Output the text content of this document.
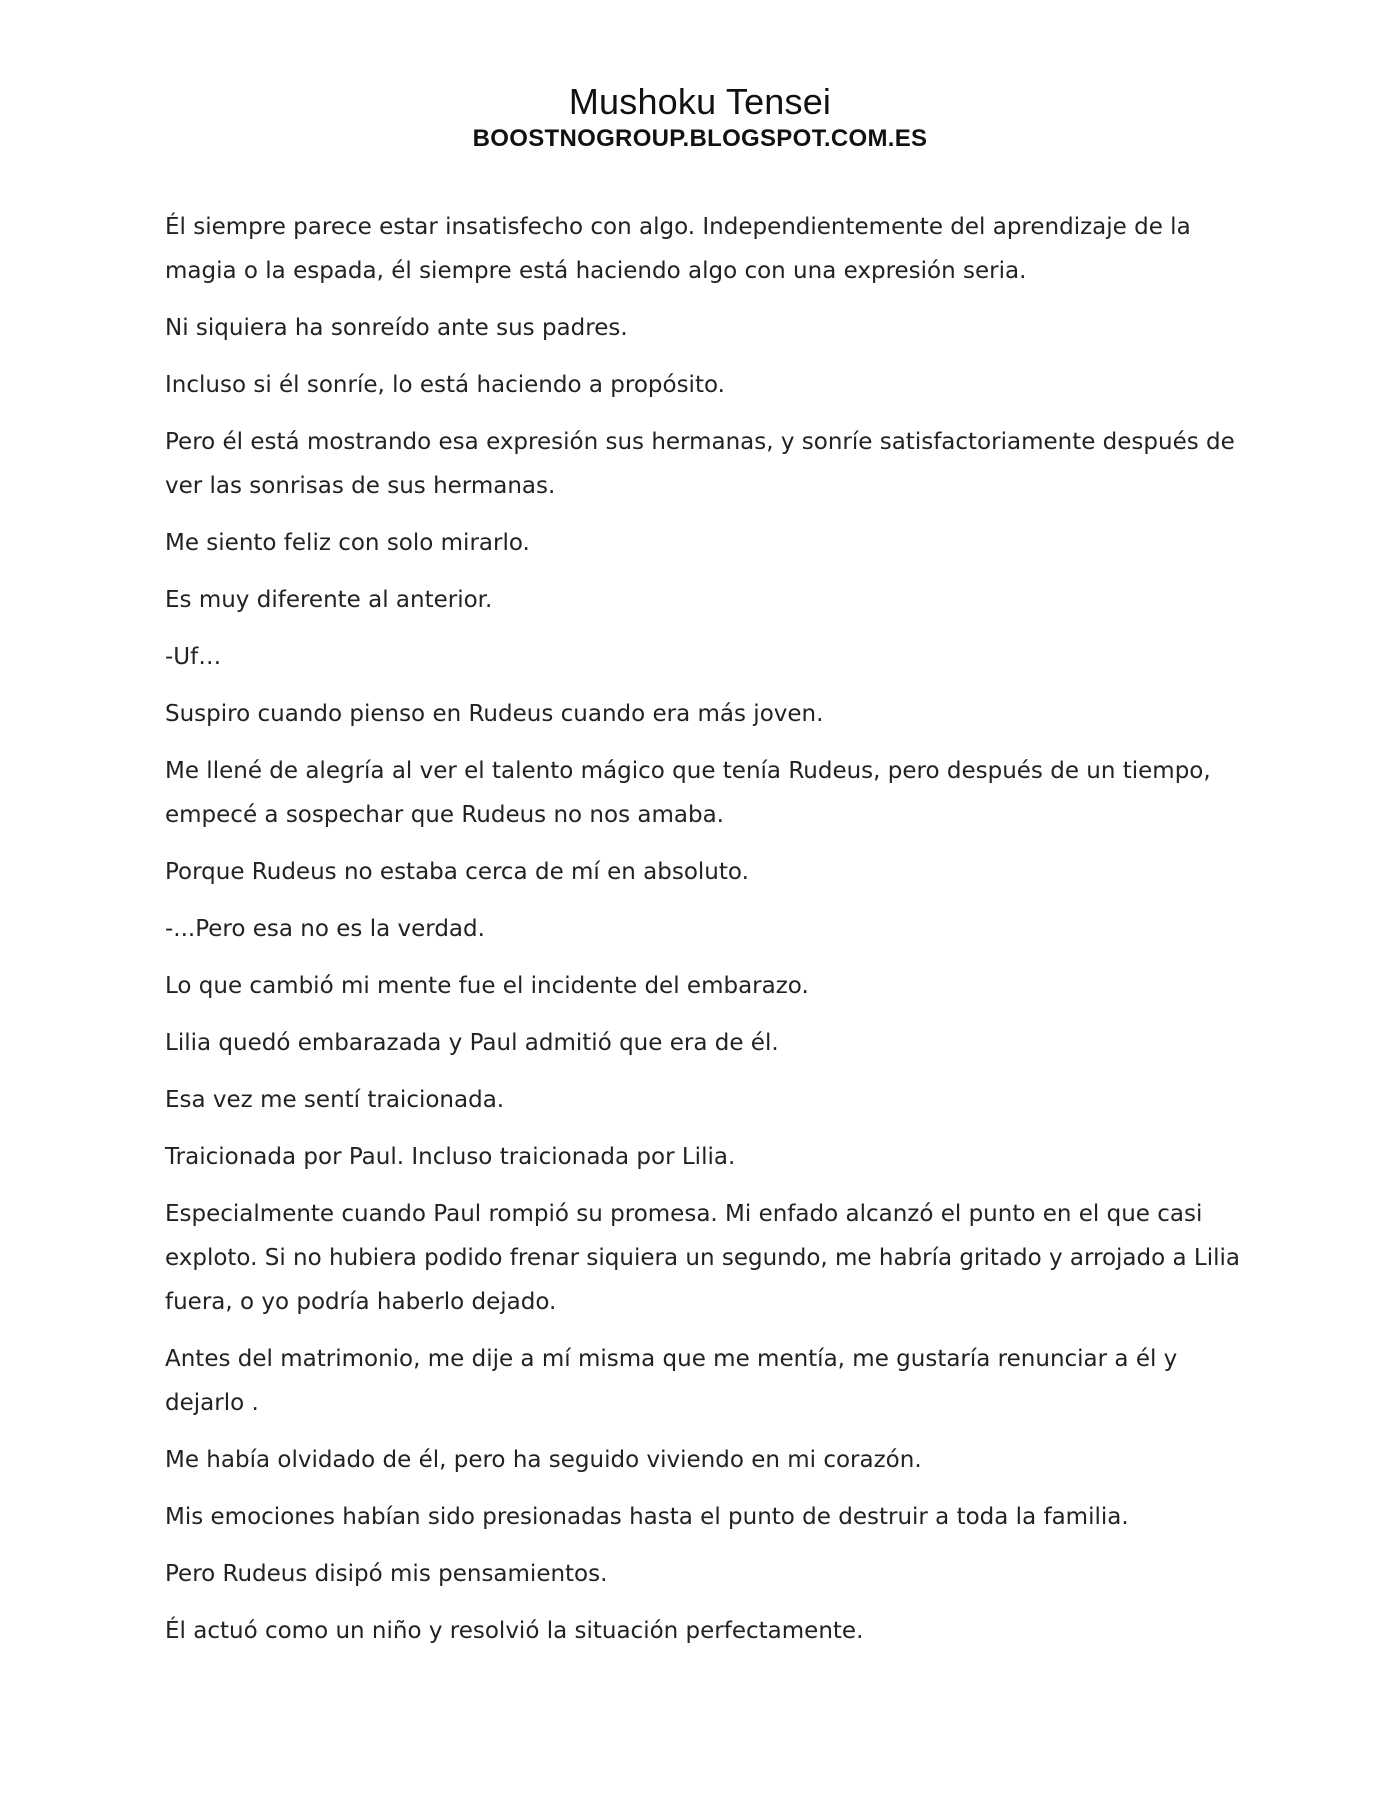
Mushoku Tensei
BOOSTNOGROUP.BLOGSPOT.COM.ES

Él siempre parece estar insatisfecho con algo. Independientemente del aprendizaje de la magia o la espada, él siempre está haciendo algo con una expresión seria.

Ni siquiera ha sonreído ante sus padres.

Incluso si él sonríe, lo está haciendo a propósito.

Pero él está mostrando esa expresión sus hermanas, y sonríe satisfactoriamente después de ver las sonrisas de sus hermanas.

Me siento feliz con solo mirarlo.

Es muy diferente al anterior.

-Uf…

Suspiro cuando pienso en Rudeus cuando era más joven.

Me llené de alegría al ver el talento mágico que tenía Rudeus, pero después de un tiempo, empecé a sospechar que Rudeus no nos amaba.

Porque Rudeus no estaba cerca de mí en absoluto.

-...Pero esa no es la verdad.

Lo que cambió mi mente fue el incidente del embarazo.

Lilia quedó embarazada y Paul admitió que era de él.

Esa vez me sentí traicionada.

Traicionada por Paul. Incluso traicionada por Lilia.

Especialmente cuando Paul rompió su promesa. Mi enfado alcanzó el punto en el que casi exploto. Si no hubiera podido frenar siquiera un segundo, me habría gritado y arrojado a Lilia fuera, o yo podría haberlo dejado.

Antes del matrimonio, me dije a mí misma que me mentía, me gustaría renunciar a él y dejarlo .

Me había olvidado de él, pero ha seguido viviendo en mi corazón.

Mis emociones habían sido presionadas hasta el punto de destruir a toda la familia.

Pero Rudeus disipó mis pensamientos.

Él actuó como un niño y resolvió la situación perfectamente.
